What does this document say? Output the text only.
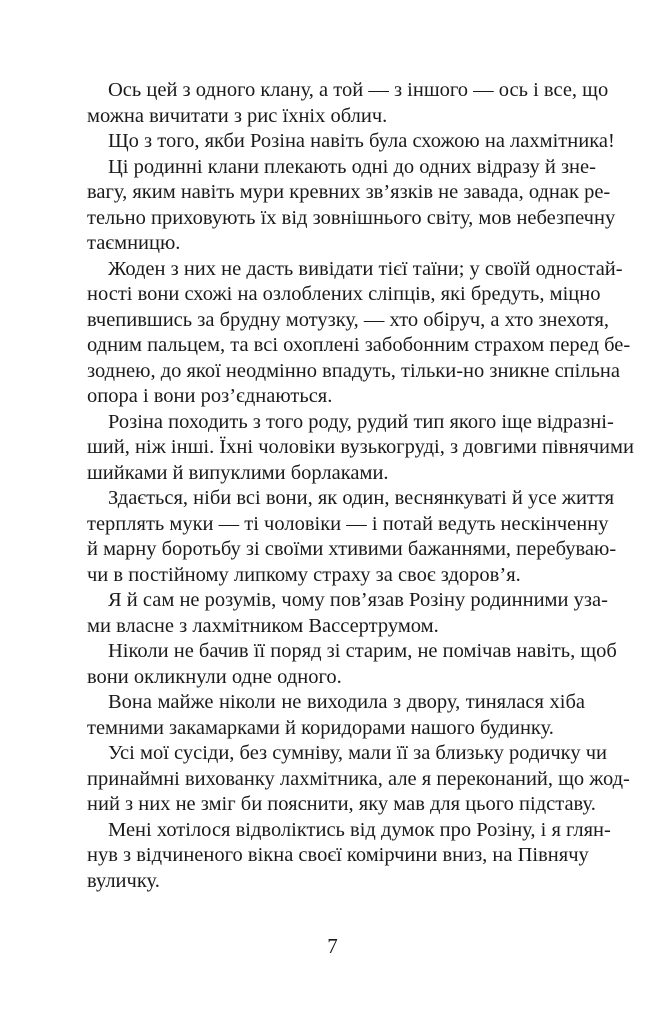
Ось цей з одного клану, а той — з іншого — ось і все, що
можна вичитати з рис їхніх облич.

Що з того, якби Розіна навіть була схожою на лахмітника!

Ці родинні клани плекають одні до одних відразу й зне-
вагу, яким навіть мури кревних зв’язків не завада, однак ре-
тельно приховують їх від зовнішнього світу, мов небезпечну
таємницю.

Жоден з них не дасть вивідати тієї таїни; у своїй одностай-
ності вони схожі на озлоблених сліпців, які бредуть, міцно
вчепившись за брудну мотузку, — хто обіруч, а хто знехотя,
одним пальцем, та всі охоплені забобонним страхом перед бе-
зоднею, до якої неодмінно впадуть, тільки-но зникне спільна
опора і вони роз’єднаються.

Розіна походить з того роду, рудий тип якого іще відразні-
ший, ніж інші. Їхні чоловіки вузькогруді, з довгими півнячими
шийками й випуклими борлаками.

Здається, ніби всі вони, як один, веснянкуваті й усе життя
терплять муки — ті чоловіки — і потай ведуть нескінченну
й марну боротьбу зі своїми хтивими бажаннями, перебуваю-
чи в постійному липкому страху за своє здоров’я.

Я й сам не розумів, чому пов’язав Розіну родинними уза-
ми власне з лахмітником Вассертрумом.

Ніколи не бачив її поряд зі старим, не помічав навіть, щоб
вони окликнули одне одного.

Вона майже ніколи не виходила з двору, тинялася хіба
темними закамарками й коридорами нашого будинку.

Усі мої сусіди, без сумніву, мали її за близьку родичку чи
принаймні вихованку лахмітника, але я переконаний, що жод-
ний з них не зміг би пояснити, яку мав для цього підставу.

Мені хотілося відволіктись від думок про Розіну, і я глян-
нув з відчиненого вікна своєї комірчини вниз, на Півнячу
вуличку.

7
